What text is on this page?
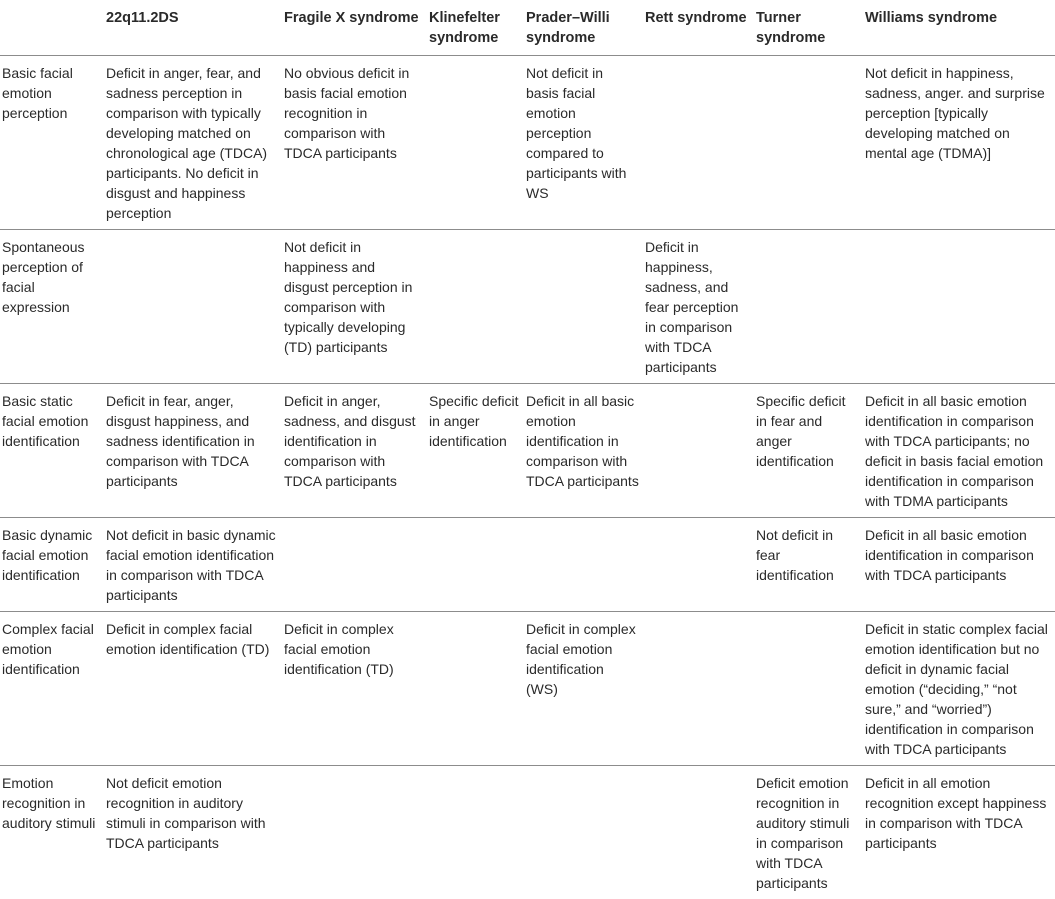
	22q11.2DS	Fragile X syndrome	Klinefelter syndrome	Prader–Willi syndrome	Rett syndrome	Turner syndrome	Williams syndrome
Basic facial emotion perception	Deficit in anger, fear, and sadness perception in comparison with typically developing matched on chronological age (TDCA) participants. No deficit in disgust and happiness perception	No obvious deficit in basis facial emotion recognition in comparison with TDCA participants		Not deficit in basis facial emotion perception compared to participants with WS			Not deficit in happiness, sadness, anger. and surprise perception [typically developing matched on mental age (TDMA)]
Spontaneous perception of facial expression		Not deficit in happiness and disgust perception in comparison with typically developing (TD) participants			Deficit in happiness, sadness, and fear perception in comparison with TDCA participants		
Basic static facial emotion identification	Deficit in fear, anger, disgust happiness, and sadness identification in comparison with TDCA participants	Deficit in anger, sadness, and disgust identification in comparison with TDCA participants	Specific deficit in anger identification	Deficit in all basic emotion identification in comparison with TDCA participants		Specific deficit in fear and anger identification	Deficit in all basic emotion identification in comparison with TDCA participants; no deficit in basis facial emotion identification in comparison with TDMA participants
Basic dynamic facial emotion identification	Not deficit in basic dynamic facial emotion identification in comparison with TDCA participants					Not deficit in fear identification	Deficit in all basic emotion identification in comparison with TDCA participants
Complex facial emotion identification	Deficit in complex facial emotion identification (TD)	Deficit in complex facial emotion identification (TD)		Deficit in complex facial emotion identification (WS)			Deficit in static complex facial emotion identification but no deficit in dynamic facial emotion (“deciding,” “not sure,” and “worried”) identification in comparison with TDCA participants
Emotion recognition in auditory stimuli	Not deficit emotion recognition in auditory stimuli in comparison with TDCA participants					Deficit emotion recognition in auditory stimuli in comparison with TDCA participants	Deficit in all emotion recognition except happiness in comparison with TDCA participants
